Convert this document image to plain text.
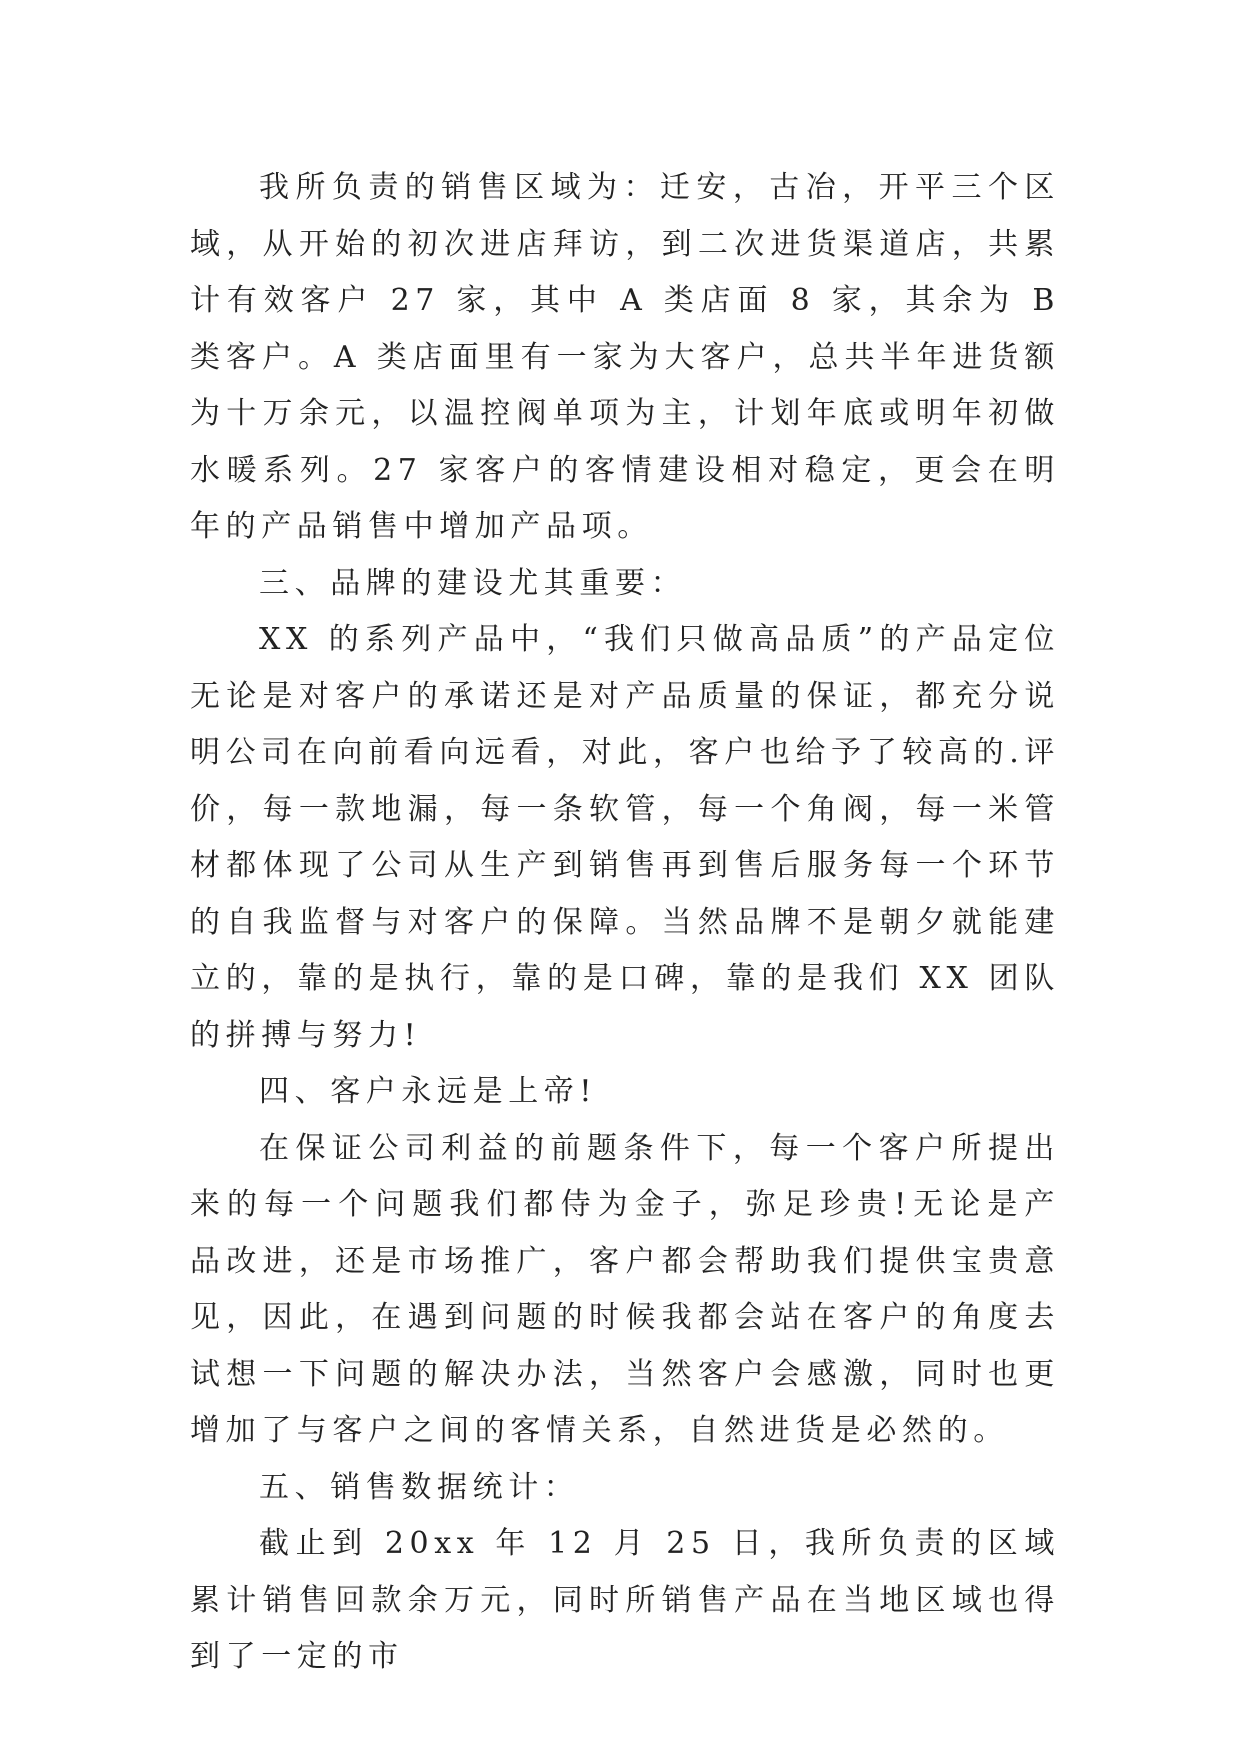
我所负责的销售区域为：迁安，古冶，开平三个区域，从开始的初次进店拜访，到二次进货渠道店，共累计有效客户 27 家，其中 A 类店面 8 家，其余为 B 类客户。A 类店面里有一家为大客户，总共半年进货额为十万余元，以温控阀单项为主，计划年底或明年初做水暖系列。27 家客户的客情建设相对稳定，更会在明年的产品销售中增加产品项。

三、品牌的建设尤其重要：

XX 的系列产品中，“我们只做高品质”的产品定位无论是对客户的承诺还是对产品质量的保证，都充分说明公司在向前看向远看，对此，客户也给予了较高的.评价，每一款地漏，每一条软管，每一个角阀，每一米管材都体现了公司从生产到销售再到售后服务每一个环节的自我监督与对客户的保障。当然品牌不是朝夕就能建立的，靠的是执行，靠的是口碑，靠的是我们 XX 团队的拼搏与努力!

四、客户永远是上帝!

在保证公司利益的前题条件下，每一个客户所提出来的每一个问题我们都侍为金子，弥足珍贵!无论是产品改进，还是市场推广，客户都会帮助我们提供宝贵意见，因此，在遇到问题的时候我都会站在客户的角度去试想一下问题的解决办法，当然客户会感激，同时也更增加了与客户之间的客情关系，自然进货是必然的。

五、销售数据统计：

截止到 20xx 年 12 月 25 日，我所负责的区域累计销售回款余万元，同时所销售产品在当地区域也得到了一定的市
